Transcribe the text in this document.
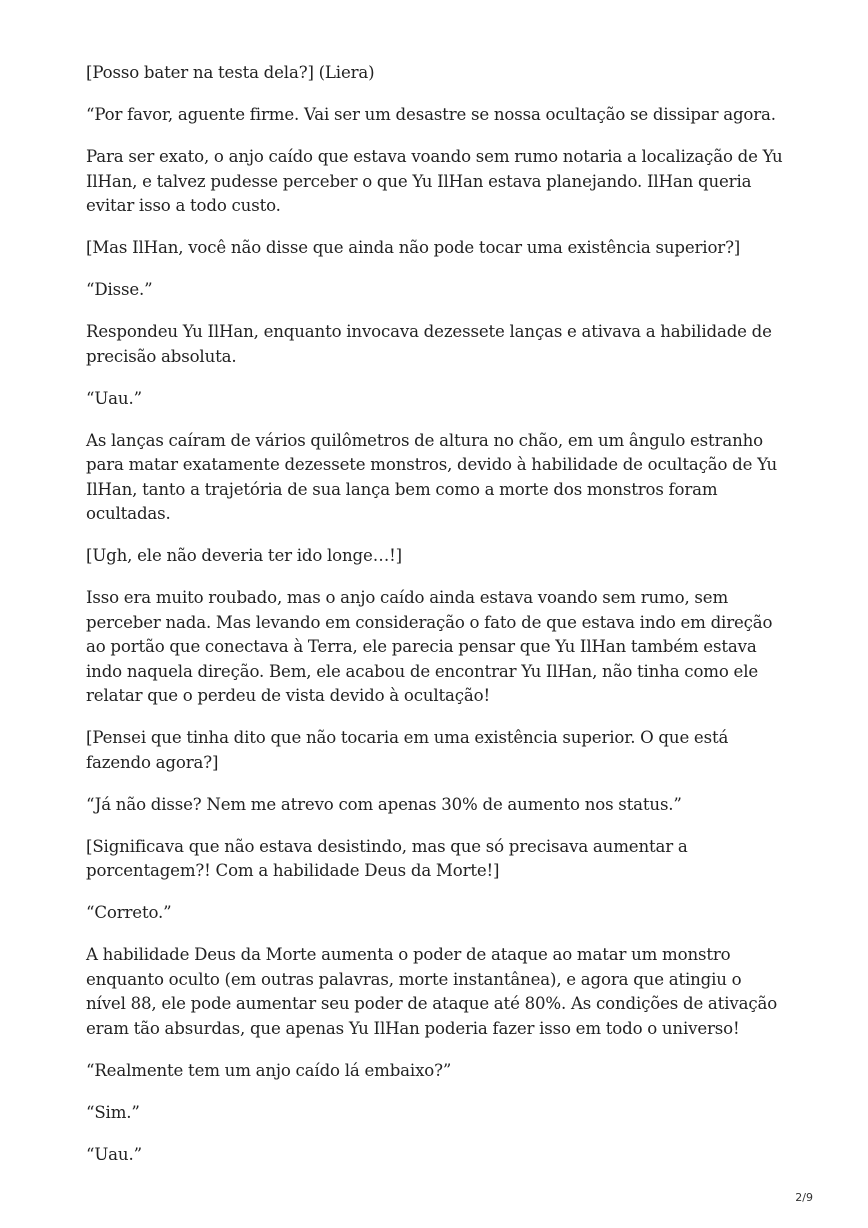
[Posso bater na testa dela?] (Liera)

“Por favor, aguente firme. Vai ser um desastre se nossa ocultação se dissipar agora.

Para ser exato, o anjo caído que estava voando sem rumo notaria a localização de Yu IlHan, e talvez pudesse perceber o que Yu IlHan estava planejando. IlHan queria evitar isso a todo custo.

[Mas IlHan, você não disse que ainda não pode tocar uma existência superior?]

“Disse.”

Respondeu Yu IlHan, enquanto invocava dezessete lanças e ativava a habilidade de precisão absoluta.

“Uau.”

As lanças caíram de vários quilômetros de altura no chão, em um ângulo estranho para matar exatamente dezessete monstros, devido à habilidade de ocultação de Yu IlHan, tanto a trajetória de sua lança bem como a morte dos monstros foram ocultadas.

[Ugh, ele não deveria ter ido longe…!]

Isso era muito roubado, mas o anjo caído ainda estava voando sem rumo, sem perceber nada. Mas levando em consideração o fato de que estava indo em direção ao portão que conectava à Terra, ele parecia pensar que Yu IlHan também estava indo naquela direção. Bem, ele acabou de encontrar Yu IlHan, não tinha como ele relatar que o perdeu de vista devido à ocultação!

[Pensei que tinha dito que não tocaria em uma existência superior. O que está fazendo agora?]

“Já não disse? Nem me atrevo com apenas 30% de aumento nos status.”

[Significava que não estava desistindo, mas que só precisava aumentar a porcentagem?! Com a habilidade Deus da Morte!]

“Correto.”

A habilidade Deus da Morte aumenta o poder de ataque ao matar um monstro enquanto oculto (em outras palavras, morte instantânea), e agora que atingiu o nível 88, ele pode aumentar seu poder de ataque até 80%. As condições de ativação eram tão absurdas, que apenas Yu IlHan poderia fazer isso em todo o universo!

“Realmente tem um anjo caído lá embaixo?”

“Sim.”

“Uau.”

2/9
